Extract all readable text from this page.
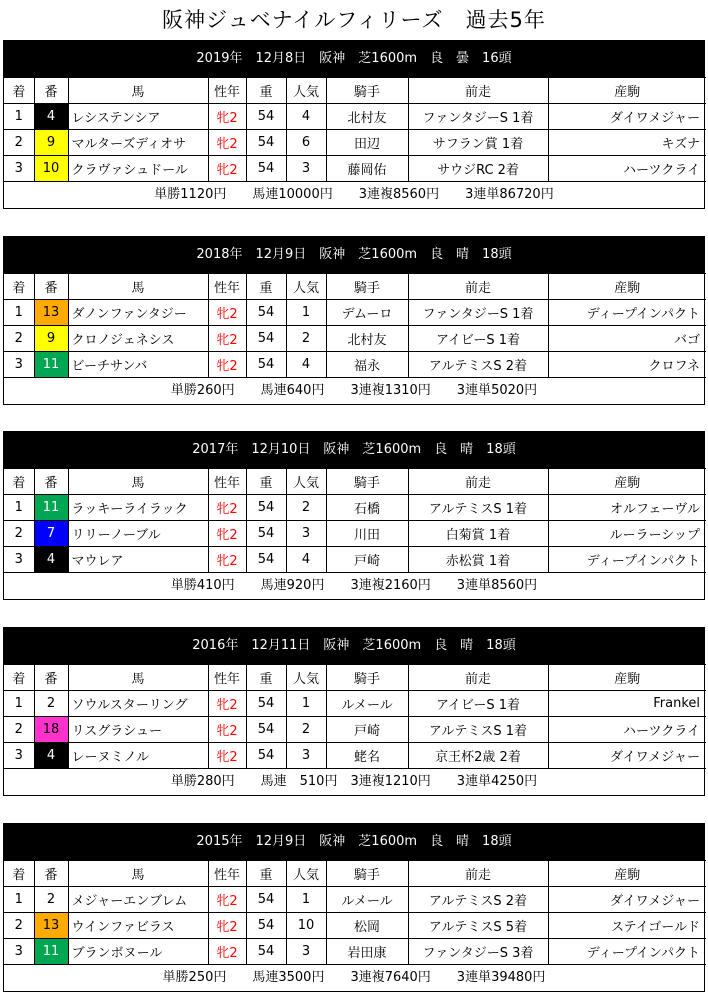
阪神ジュベナイルフィリーズ　過去5年
2019年　12月8日　阪神　芝1600m　良　曇　16頭
着	番	馬	性年	重	人気	騎手	前走	産駒
1	4	レシステンシア	牝2	54	4	北村友	ファンタジーS 1着	ダイワメジャー
2	9	マルターズディオサ	牝2	54	6	田辺	サフラン賞 1着	キズナ
3	10	クラヴァシュドール	牝2	54	3	藤岡佑	サウジRC 2着	ハーツクライ
単勝1120円　　馬連10000円　　3連複8560円　　3連単86720円
2018年　12月9日　阪神　芝1600m　良　晴　18頭
着	番	馬	性年	重	人気	騎手	前走	産駒
1	13	ダノンファンタジー	牝2	54	1	デムーロ	ファンタジーS 1着	ディープインパクト
2	9	クロノジェネシス	牝2	54	2	北村友	アイビーS 1着	バゴ
3	11	ビーチサンバ	牝2	54	4	福永	アルテミスS 2着	クロフネ
単勝260円　　馬連640円　　3連複1310円　　3連単5020円
2017年　12月10日　阪神　芝1600m　良　晴　18頭
着	番	馬	性年	重	人気	騎手	前走	産駒
1	11	ラッキーライラック	牝2	54	2	石橋	アルテミスS 1着	オルフェーヴル
2	7	リリーノーブル	牝2	54	3	川田	白菊賞 1着	ルーラーシップ
3	4	マウレア	牝2	54	4	戸崎	赤松賞 1着	ディープインパクト
単勝410円　　馬連920円　　3連複2160円　　3連単8560円
2016年　12月11日　阪神　芝1600m　良　晴　18頭
着	番	馬	性年	重	人気	騎手	前走	産駒
1	2	ソウルスターリング	牝2	54	1	ルメール	アイビーS 1着	Frankel
2	18	リスグラシュー	牝2	54	2	戸崎	アルテミスS 1着	ハーツクライ
3	4	レーヌミノル	牝2	54	3	蛯名	京王杯2歳 2着	ダイワメジャー
単勝280円　　馬連　510円　3連複1210円　　3連単4250円
2015年　12月9日　阪神　芝1600m　良　晴　18頭
着	番	馬	性年	重	人気	騎手	前走	産駒
1	2	メジャーエンブレム	牝2	54	1	ルメール	アルテミスS 2着	ダイワメジャー
2	13	ウインファビラス	牝2	54	10	松岡	アルテミスS 5着	ステイゴールド
3	11	ブランボヌール	牝2	54	3	岩田康	ファンタジーS 3着	ディープインパクト
単勝250円　　馬連3500円　　3連複7640円　　3連単39480円
